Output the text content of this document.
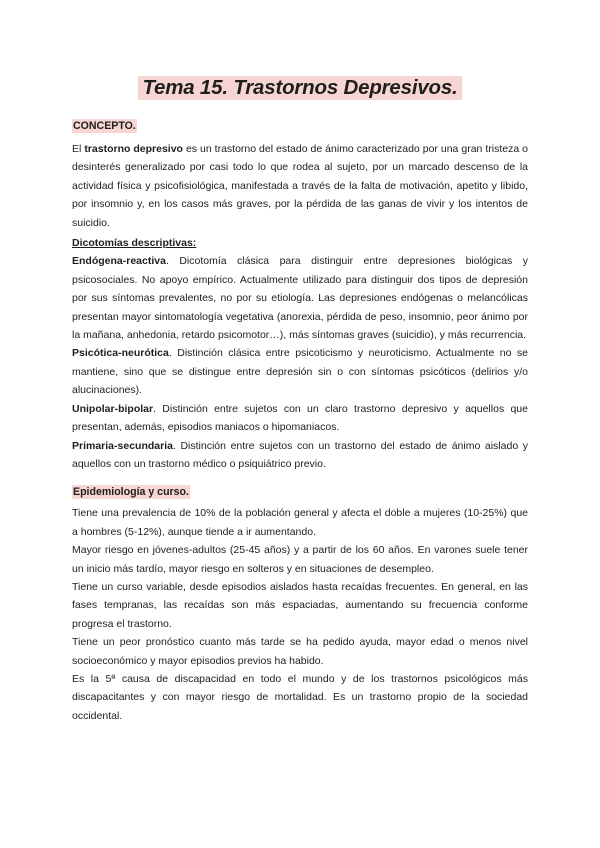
Tema 15. Trastornos Depresivos.
CONCEPTO.

El trastorno depresivo es un trastorno del estado de ánimo caracterizado por una gran tristeza o desinterés generalizado por casi todo lo que rodea al sujeto, por un marcado descenso de la actividad física y psicofisiológica, manifestada a través de la falta de motivación, apetito y libido, por insomnio y, en los casos más graves, por la pérdida de las ganas de vivir y los intentos de suicidio.

Dicotomías descriptivas:

Endógena-reactiva. Dicotomía clásica para distinguir entre depresiones biológicas y psicosociales. No apoyo empírico. Actualmente utilizado para distinguir dos tipos de depresión por sus síntomas prevalentes, no por su etiología. Las depresiones endógenas o melancólicas presentan mayor sintomatología vegetativa (anorexia, pérdida de peso, insomnio, peor ánimo por la mañana, anhedonia, retardo psicomotor…), más síntomas graves (suicidio), y más recurrencia.

Psicótica-neurótica. Distinción clásica entre psicoticismo y neuroticismo. Actualmente no se mantiene, sino que se distingue entre depresión sin o con síntomas psicóticos (delirios y/o alucinaciones).

Unipolar-bipolar. Distinción entre sujetos con un claro trastorno depresivo y aquellos que presentan, además, episodios maniacos o hipomaniacos.

Primaria-secundaria. Distinción entre sujetos con un trastorno del estado de ánimo aislado y aquellos con un trastorno médico o psiquiátrico previo.

Epidemiología y curso.

Tiene una prevalencia de 10% de la población general y afecta el doble a mujeres (10-25%) que a hombres (5-12%), aunque tiende a ir aumentando.

Mayor riesgo en jóvenes-adultos (25-45 años) y a partir de los 60 años. En varones suele tener un inicio más tardío, mayor riesgo en solteros y en situaciones de desempleo.

Tiene un curso variable, desde episodios aislados hasta recaídas frecuentes. En general, en las fases tempranas, las recaídas son más espaciadas, aumentando su frecuencia conforme progresa el trastorno.

Tiene un peor pronóstico cuanto más tarde se ha pedido ayuda, mayor edad o menos nivel socioeconómico y mayor episodios previos ha habido.

Es la 5ª causa de discapacidad en todo el mundo y de los trastornos psicológicos más discapacitantes y con mayor riesgo de mortalidad. Es un trastorno propio de la sociedad occidental.
